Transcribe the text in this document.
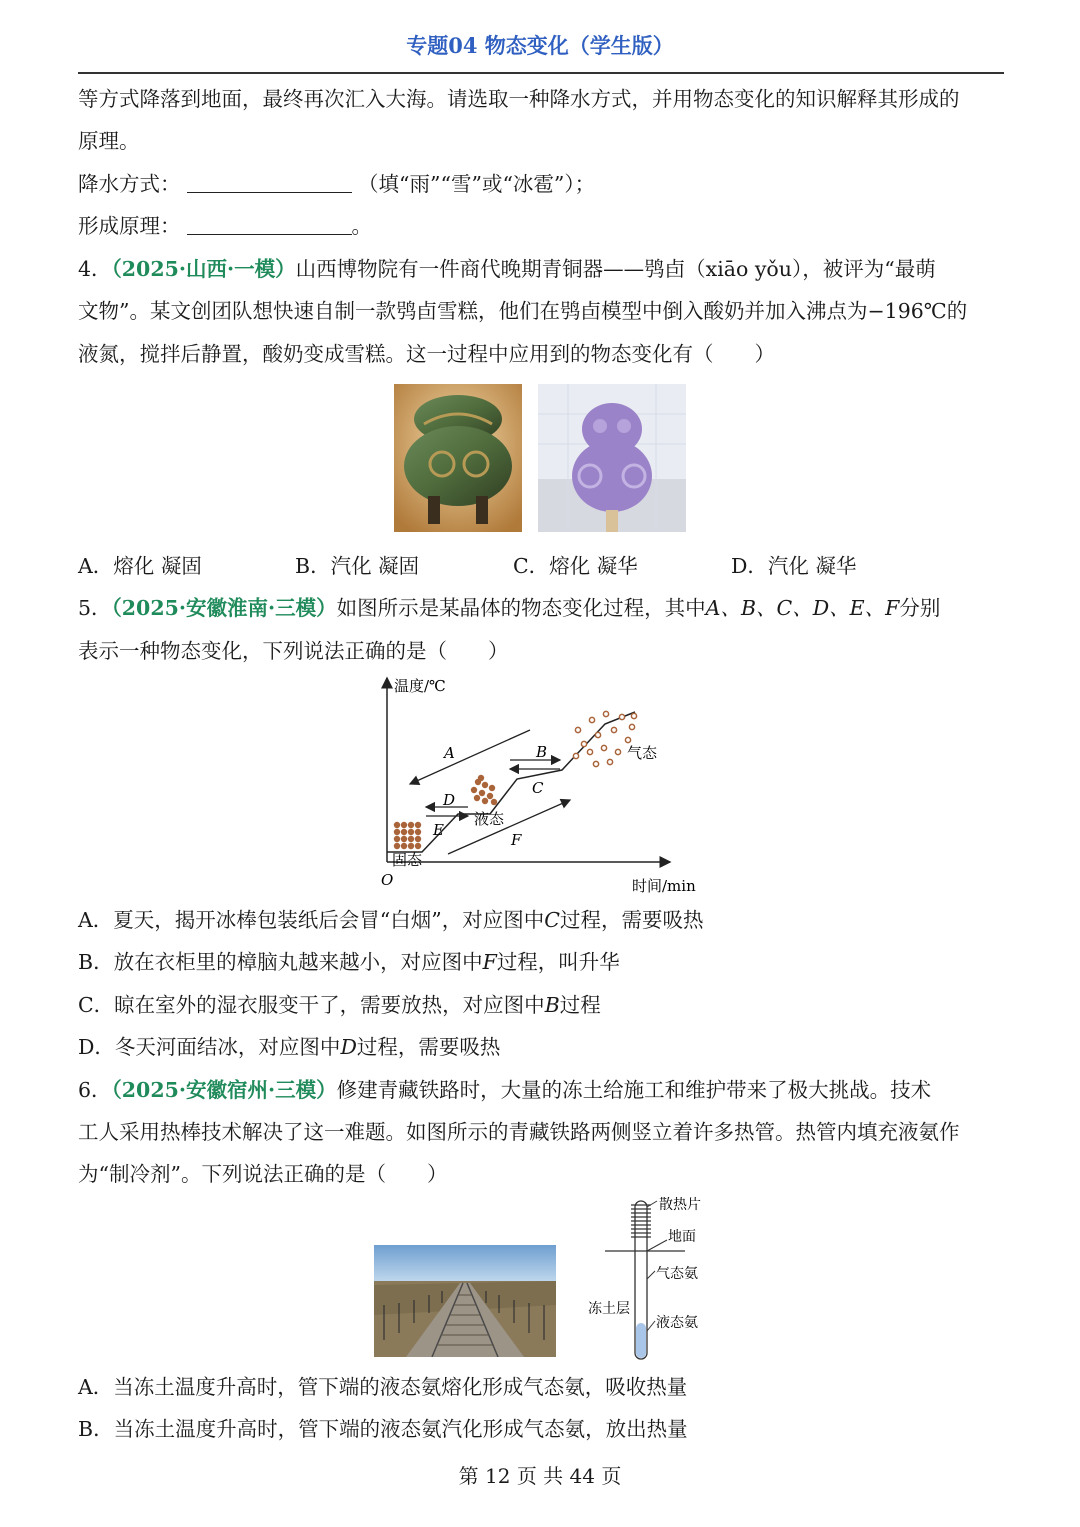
专题04 物态变化（学生版）
等方式降落到地面，最终再次汇入大海。请选取一种降水方式，并用物态变化的知识解释其形成的
原理。
降水方式：	（填“雨”“雪”或“冰雹”）；
形成原理：	。
4．（2025·山西·一模）山西博物院有一件商代晚期青铜器——鸮卣（xiāo yǒu），被评为“最萌
文物”。某文创团队想快速自制一款鸮卣雪糕，他们在鸮卣模型中倒入酸奶并加入沸点为−196℃的
液氮，搅拌后静置，酸奶变成雪糕。这一过程中应用到的物态变化有（　　）
A．熔化 凝固	B．汽化 凝固	C．熔化 凝华	D．汽化 凝华
5．（2025·安徽淮南·三模）如图所示是某晶体的物态变化过程，其中A、B、C、D、E、F分别
表示一种物态变化，下列说法正确的是（　　）
温度/℃
时间/min
O
固态
液态
气态
A	B
C
D
E
F
A．夏天，揭开冰棒包装纸后会冒“白烟”，对应图中C过程，需要吸热
B．放在衣柜里的樟脑丸越来越小，对应图中F过程，叫升华
C．晾在室外的湿衣服变干了，需要放热，对应图中B过程
D．冬天河面结冰，对应图中D过程，需要吸热
6．（2025·安徽宿州·三模）修建青藏铁路时，大量的冻土给施工和维护带来了极大挑战。技术
工人采用热棒技术解决了这一难题。如图所示的青藏铁路两侧竖立着许多热管。热管内填充液氨作
为“制冷剂”。下列说法正确的是（　　）
散热片
地面
气态氨
冻土层
液态氨
A．当冻土温度升高时，管下端的液态氨熔化形成气态氨，吸收热量
B．当冻土温度升高时，管下端的液态氨汽化形成气态氨，放出热量
第 12 页 共 44 页
